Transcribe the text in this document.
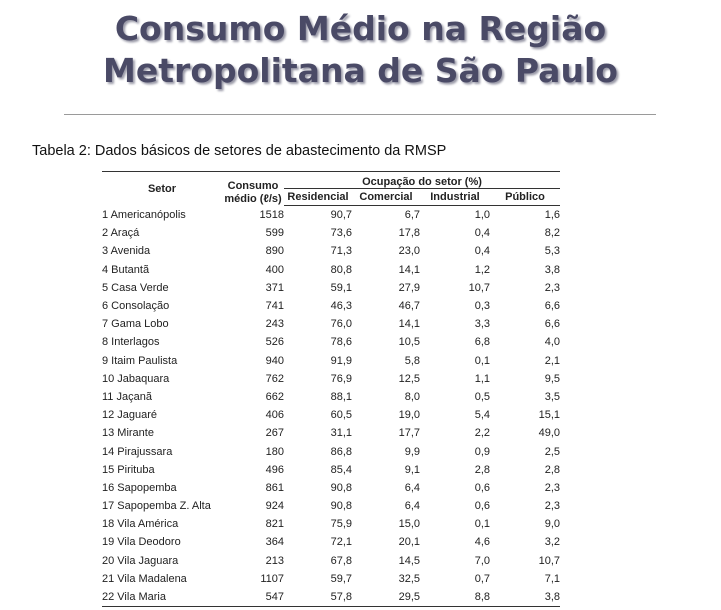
Consumo Médio na Região
Metropolitana de São Paulo
Tabela 2: Dados básicos de setores de abastecimento da RMSP
Setor	Consumo
médio (ℓ/s)	Ocupação do setor (%)			
		Residencial	Comercial	Industrial	Público
1 Americanópolis	1518	90,7	6,7	1,0	1,6
2 Araçá	599	73,6	17,8	0,4	8,2
3 Avenida	890	71,3	23,0	0,4	5,3
4 Butantã	400	80,8	14,1	1,2	3,8
5 Casa Verde	371	59,1	27,9	10,7	2,3
6 Consolação	741	46,3	46,7	0,3	6,6
7 Gama Lobo	243	76,0	14,1	3,3	6,6
8 Interlagos	526	78,6	10,5	6,8	4,0
9 Itaim Paulista	940	91,9	5,8	0,1	2,1
10 Jabaquara	762	76,9	12,5	1,1	9,5
11 Jaçanã	662	88,1	8,0	0,5	3,5
12 Jaguaré	406	60,5	19,0	5,4	15,1
13 Mirante	267	31,1	17,7	2,2	49,0
14 Pirajussara	180	86,8	9,9	0,9	2,5
15 Pirituba	496	85,4	9,1	2,8	2,8
16 Sapopemba	861	90,8	6,4	0,6	2,3
17 Sapopemba Z. Alta	924	90,8	6,4	0,6	2,3
18 Vila América	821	75,9	15,0	0,1	9,0
19 Vila Deodoro	364	72,1	20,1	4,6	3,2
20 Vila Jaguara	213	67,8	14,5	7,0	10,7
21 Vila Madalena	1107	59,7	32,5	0,7	7,1
22 Vila Maria	547	57,8	29,5	8,8	3,8
